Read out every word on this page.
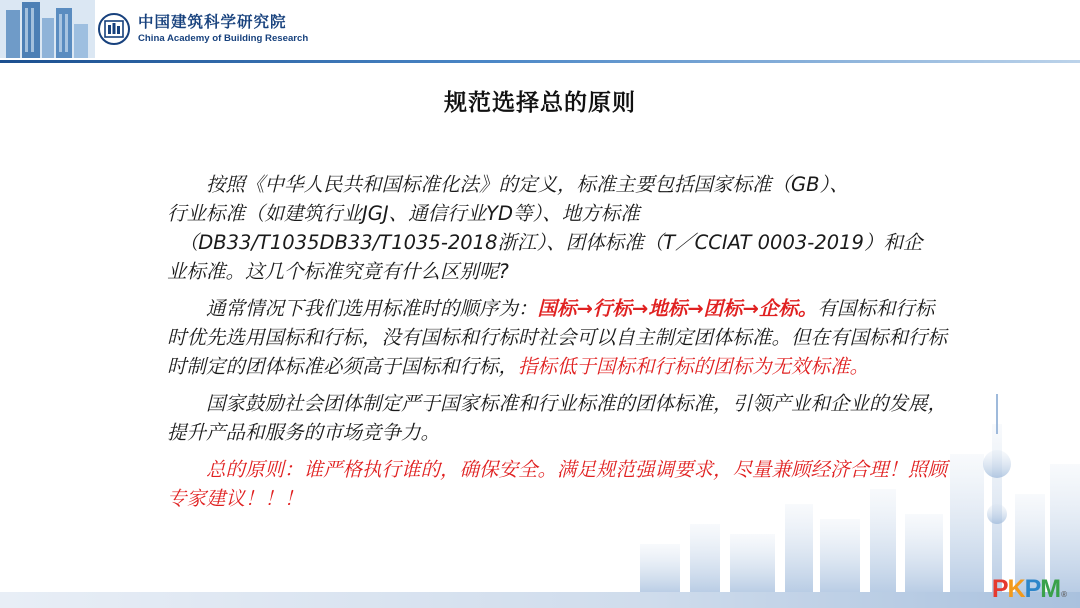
中国建筑科学研究院
China Academy of Building Research
规范选择总的原则

按照《中华人民共和国标准化法》的定义，标准主要包括国家标准（GB）、
行业标准（如建筑行业JGJ、通信行业YD等）、地方标准
（DB33/T1035DB33/T1035-2018浙江）、团体标准（T／CCIAT 0003-2019）和企
业标准。这几个标准究竟有什么区别呢?

通常情况下我们选用标准时的顺序为：国标→行标→地标→团标→企标。有国标和行标时优先选用国标和行标，没有国标和行标时社会可以自主制定团体标准。但在有国标和行标时制定的团体标准必须高于国标和行标，指标低于国标和行标的团标为无效标准。

国家鼓励社会团体制定严于国家标准和行业标准的团体标准，引领产业和企业的发展，提升产品和服务的市场竞争力。

总的原则：谁严格执行谁的，确保安全。满足规范强调要求，尽量兼顾经济合理！照顾专家建议！！！

P K P M ®
